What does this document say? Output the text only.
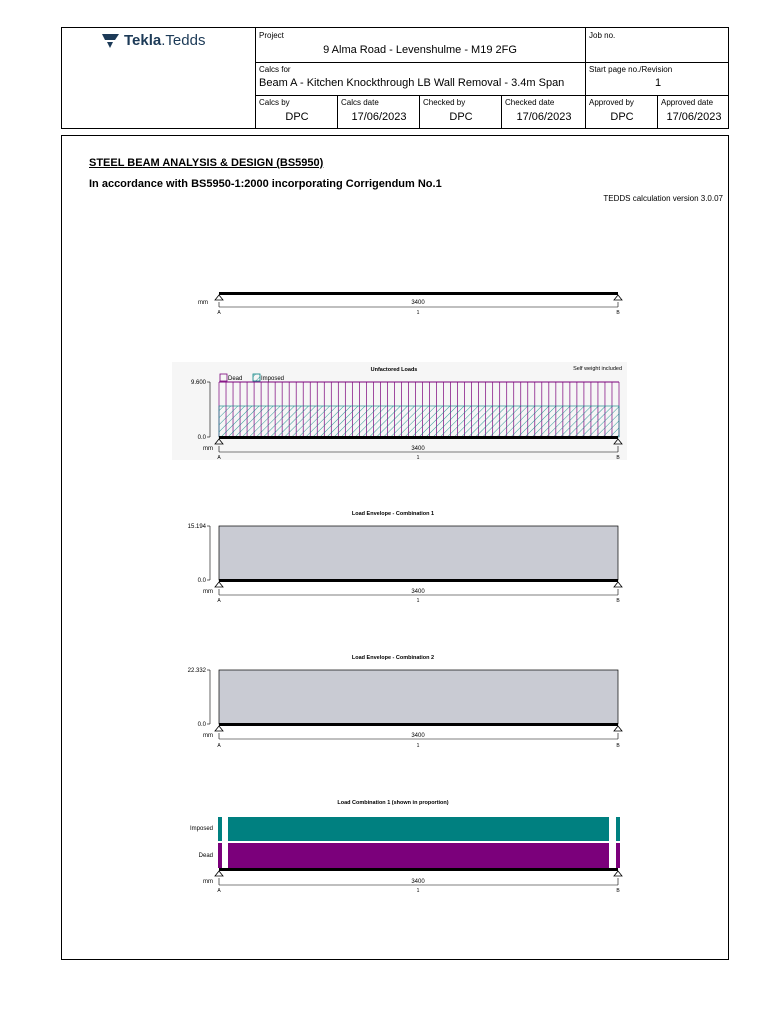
Tekla.Tedds	Project
9 Alma Road - Levenshulme - M19 2FG
Job no.
Calcs for
Beam A - Kitchen Knockthrough LB Wall Removal - 3.4m Span
Start page no./Revision
1
Calcs by
DPC
Calcs date
17/06/2023
Checked by
DPC
Checked date
17/06/2023
Approved by
DPC
Approved date
17/06/2023
STEEL BEAM ANALYSIS & DESIGN (BS5950)
In accordance with BS5950-1:2000 incorporating Corrigendum No.1
TEDDS calculation version 3.0.07
mm	3400
A	1	B
Unfactored Loads	Self weight included
Dead	Imposed
9.600
0.0
mm	3400
A	1	B
Load Envelope - Combination 1
15.194
0.0
mm	3400
A	1	B
Load Envelope - Combination 2
22.332
0.0
mm	3400
A	1	B
Load Combination 1 (shown in proportion)
Imposed
Dead
mm	3400
A	1	B
